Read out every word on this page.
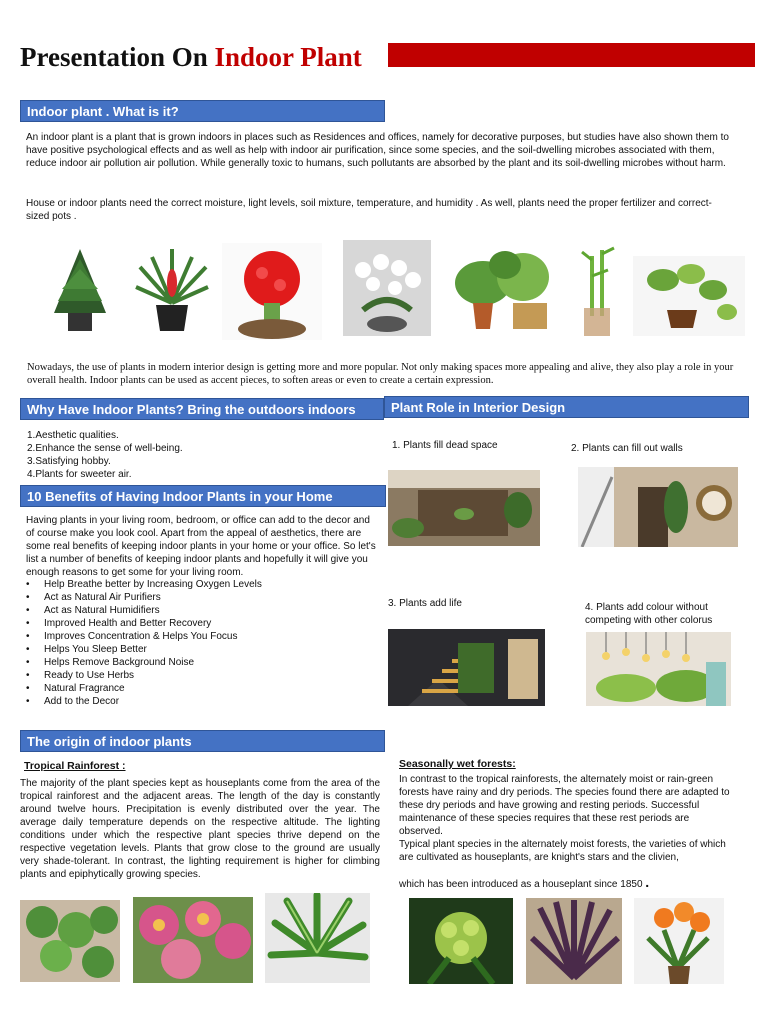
Presentation On Indoor Plant
Indoor plant . What is it?
An indoor plant is a plant that is grown indoors in places such as Residences and offices, namely for decorative purposes, but studies have also shown them to have positive psychological effects and as well as help with indoor air purification, since some species, and the soil-dwelling microbes associated with them, reduce indoor air pollution air pollution. While generally toxic to humans, such pollutants are absorbed by the plant and its soil-dwelling microbes without harm.
House or indoor plants need the correct moisture, light levels, soil mixture, temperature, and humidity . As well, plants need the proper fertilizer and correct-sized pots .
Nowadays, the use of plants in modern interior design is getting more and more popular. Not only making spaces more appealing and alive, they also play a role in your overall health. Indoor plants can be used as accent pieces, to soften areas or even to create a certain expression.
Why Have Indoor Plants? Bring the outdoors indoors
1.Aesthetic qualities.
2.Enhance the sense of well-being.
3.Satisfying hobby.
4.Plants for sweeter air.
Plant Role in Interior Design
1. Plants fill dead space	2. Plants can fill out walls
3. Plants add life	4. Plants add colour without competing with other colorus
10 Benefits of Having Indoor Plants in your Home
Having plants in your living room, bedroom, or office can add to the decor and of course make you look cool. Apart from the appeal of aesthetics, there are some real benefits of keeping indoor plants in your home or your office. So let's list a number of benefits of keeping indoor plants and hopefully it will give you enough reasons to get some for your living room.
• Help Breathe better by Increasing Oxygen Levels
• Act as Natural Air Purifiers
• Act as Natural Humidifiers
• Improved Health and Better Recovery
• Improves Concentration & Helps You Focus
• Helps You Sleep Better
• Helps Remove Background Noise
• Ready to Use Herbs
• Natural Fragrance
• Add to the Decor
The origin of indoor plants
Tropical Rainforest :
The majority of the plant species kept as houseplants come from the area of the tropical rainforest and the adjacent areas. The length of the day is constantly around twelve hours. Precipitation is evenly distributed over the year. The average daily temperature depends on the respective altitude. The lighting conditions under which the respective plant species thrive depend on the respective vegetation levels. Plants that grow close to the ground are usually very shade-tolerant. In contrast, the lighting requirement is higher for climbing plants and epiphytically growing species.
Seasonally wet forests:
In contrast to the tropical rainforests, the alternately moist or rain-green forests have rainy and dry periods. The species found there are adapted to these dry periods and have growing and resting periods. Successful maintenance of these species requires that these rest periods are observed.
Typical plant species in the alternately moist forests, the varieties of which are cultivated as houseplants, are knight's stars and the clivien,
which has been introduced as a houseplant since 1850 .
